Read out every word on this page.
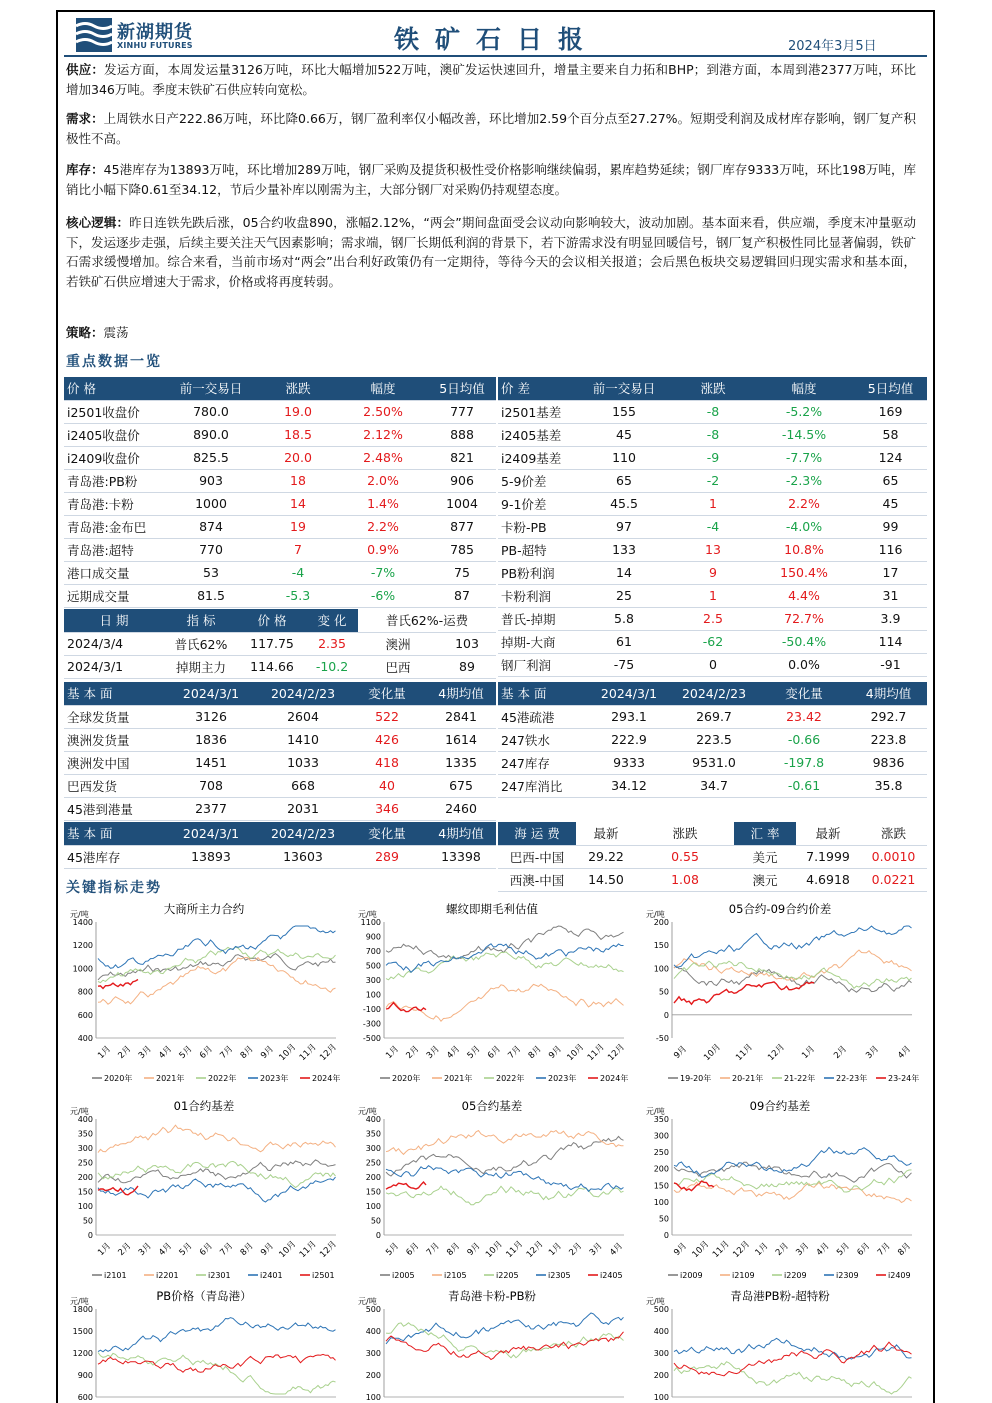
新湖期货
XINHU FUTURES	铁矿石日报	2024年3月5日
供应：发运方面，本周发运量3126万吨，环比大幅增加522万吨，澳矿发运快速回升，增量主要来自力拓和BHP；到港方面，本周到港2377万吨，环比增加346万吨。季度末铁矿石供应转向宽松。
需求：上周铁水日产222.86万吨，环比降0.66万，钢厂盈利率仅小幅改善，环比增加2.59个百分点至27.27%。短期受利润及成材库存影响，钢厂复产积极性不高。
库存：45港库存为13893万吨，环比增加289万吨，钢厂采购及提货积极性受价格影响继续偏弱，累库趋势延续；钢厂库存9333万吨，环比198万吨，库销比小幅下降0.61至34.12，节后少量补库以刚需为主，大部分钢厂对采购仍持观望态度。
核心逻辑：昨日连铁先跌后涨，05合约收盘890，涨幅2.12%，“两会”期间盘面受会议动向影响较大，波动加剧。基本面来看，供应端，季度末冲量驱动下，发运逐步走强，后续主要关注天气因素影响；需求端，钢厂长期低利润的背景下，若下游需求没有明显回暖信号，钢厂复产积极性同比显著偏弱，铁矿石需求缓慢增加。综合来看，当前市场对“两会”出台利好政策仍有一定期待，等待今天的会议相关报道；会后黑色板块交易逻辑回归现实需求和基本面，若铁矿石供应增速大于需求，价格或将再度转弱。
策略：震荡
重点数据一览
价 格	前一交易日	涨跌	幅度	5日均值
i2501收盘价	780.0	19.0	2.50%	777
i2405收盘价	890.0	18.5	2.12%	888
i2409收盘价	825.5	20.0	2.48%	821
青岛港:PB粉	903	18	2.0%	906
青岛港:卡粉	1000	14	1.4%	1004
青岛港:金布巴	874	19	2.2%	877
青岛港:超特	770	7	0.9%	785
港口成交量	53	-4	-7%	75
远期成交量	81.5	-5.3	-6%	87
价 差	前一交易日	涨跌	幅度	5日均值
i2501基差	155	-8	-5.2%	169
i2405基差	45	-8	-14.5%	58
i2409基差	110	-9	-7.7%	124
5-9价差	65	-2	-2.3%	65
9-1价差	45.5	1	2.2%	45
卡粉-PB	97	-4	-4.0%	99
PB-超特	133	13	10.8%	116
PB粉利润	14	9	150.4%	17
卡粉利润	25	1	4.4%	31
普氏-掉期	5.8	2.5	72.7%	3.9
掉期-大商	61	-62	-50.4%	114
钢厂利润	-75	0	0.0%	-91
日 期	指 标	价 格	变 化	普氏62%-运费	
2024/3/4	普氏62%	117.75	2.35	澳洲	103
2024/3/1	掉期主力	114.66	-10.2	巴西	89
基 本 面	2024/3/1	2024/2/23	变化量	4期均值
全球发货量	3126	2604	522	2841
澳洲发货量	1836	1410	426	1614
澳洲发中国	1451	1033	418	1335
巴西发货	708	668	40	675
45港到港量	2377	2031	346	2460
基 本 面	2024/3/1	2024/2/23	变化量	4期均值
45港疏港	293.1	269.7	23.42	292.7
247铁水	222.9	223.5	-0.66	223.8
247库存	9333	9531.0	-197.8	9836
247库消比	34.12	34.7	-0.61	35.8
基 本 面	2024/3/1	2024/2/23	变化量	4期均值
45港库存	13893	13603	289	13398
海 运 费	最新	涨跌	汇 率	最新	涨跌
巴西-中国	29.22	0.55	美元	7.1999	0.0010
西澳-中国	14.50	1.08	澳元	4.6918	0.0221
关键指标走势
大商所主力合约
元/吨
1400
1200
1000
800
600
400
1月 2月 3月 4月 5月 6月 7月 8月 9月 10月 11月 12月
2020年	2021年	2022年	2023年	2024年
螺纹即期毛利估值
元/吨
1100
900
700
500
300
100
-100
-300
-500
1月 2月 3月 4月 5月 6月 7月 8月 9月 10月 11月 12月
2020年	2021年	2022年	2023年	2024年
05合约-09合约价差
元/吨
200
150
100
50
0
-50
9月 10月 11月 12月 1月 2月 3月 4月
19-20年	20-21年	21-22年	22-23年	23-24年
01合约基差
元/吨
400
350
300
250
200
150
100
50
0
1月 2月 3月 4月 5月 6月 7月 8月 9月 10月 11月 12月
i2101	i2201	i2301	i2401	i2501
05合约基差
元/吨
400
350
300
250
200
150
100
50
0
5月 6月 7月 8月 9月 10月 11月 12月 1月 2月 3月 4月
i2005	i2105	i2205	i2305	i2405
09合约基差
元/吨
350
300
250
200
150
100
50
0
9月 10月 11月 12月 1月 2月 3月 4月 5月 6月 7月 8月
i2009	i2109	i2209	i2309	i2409
PB价格（青岛港）
元/吨
1800
1500
1200
900
600
青岛港卡粉-PB粉
元/吨
500
400
300
200
100
青岛港PB粉-超特粉
元/吨
500
400
300
200
100
